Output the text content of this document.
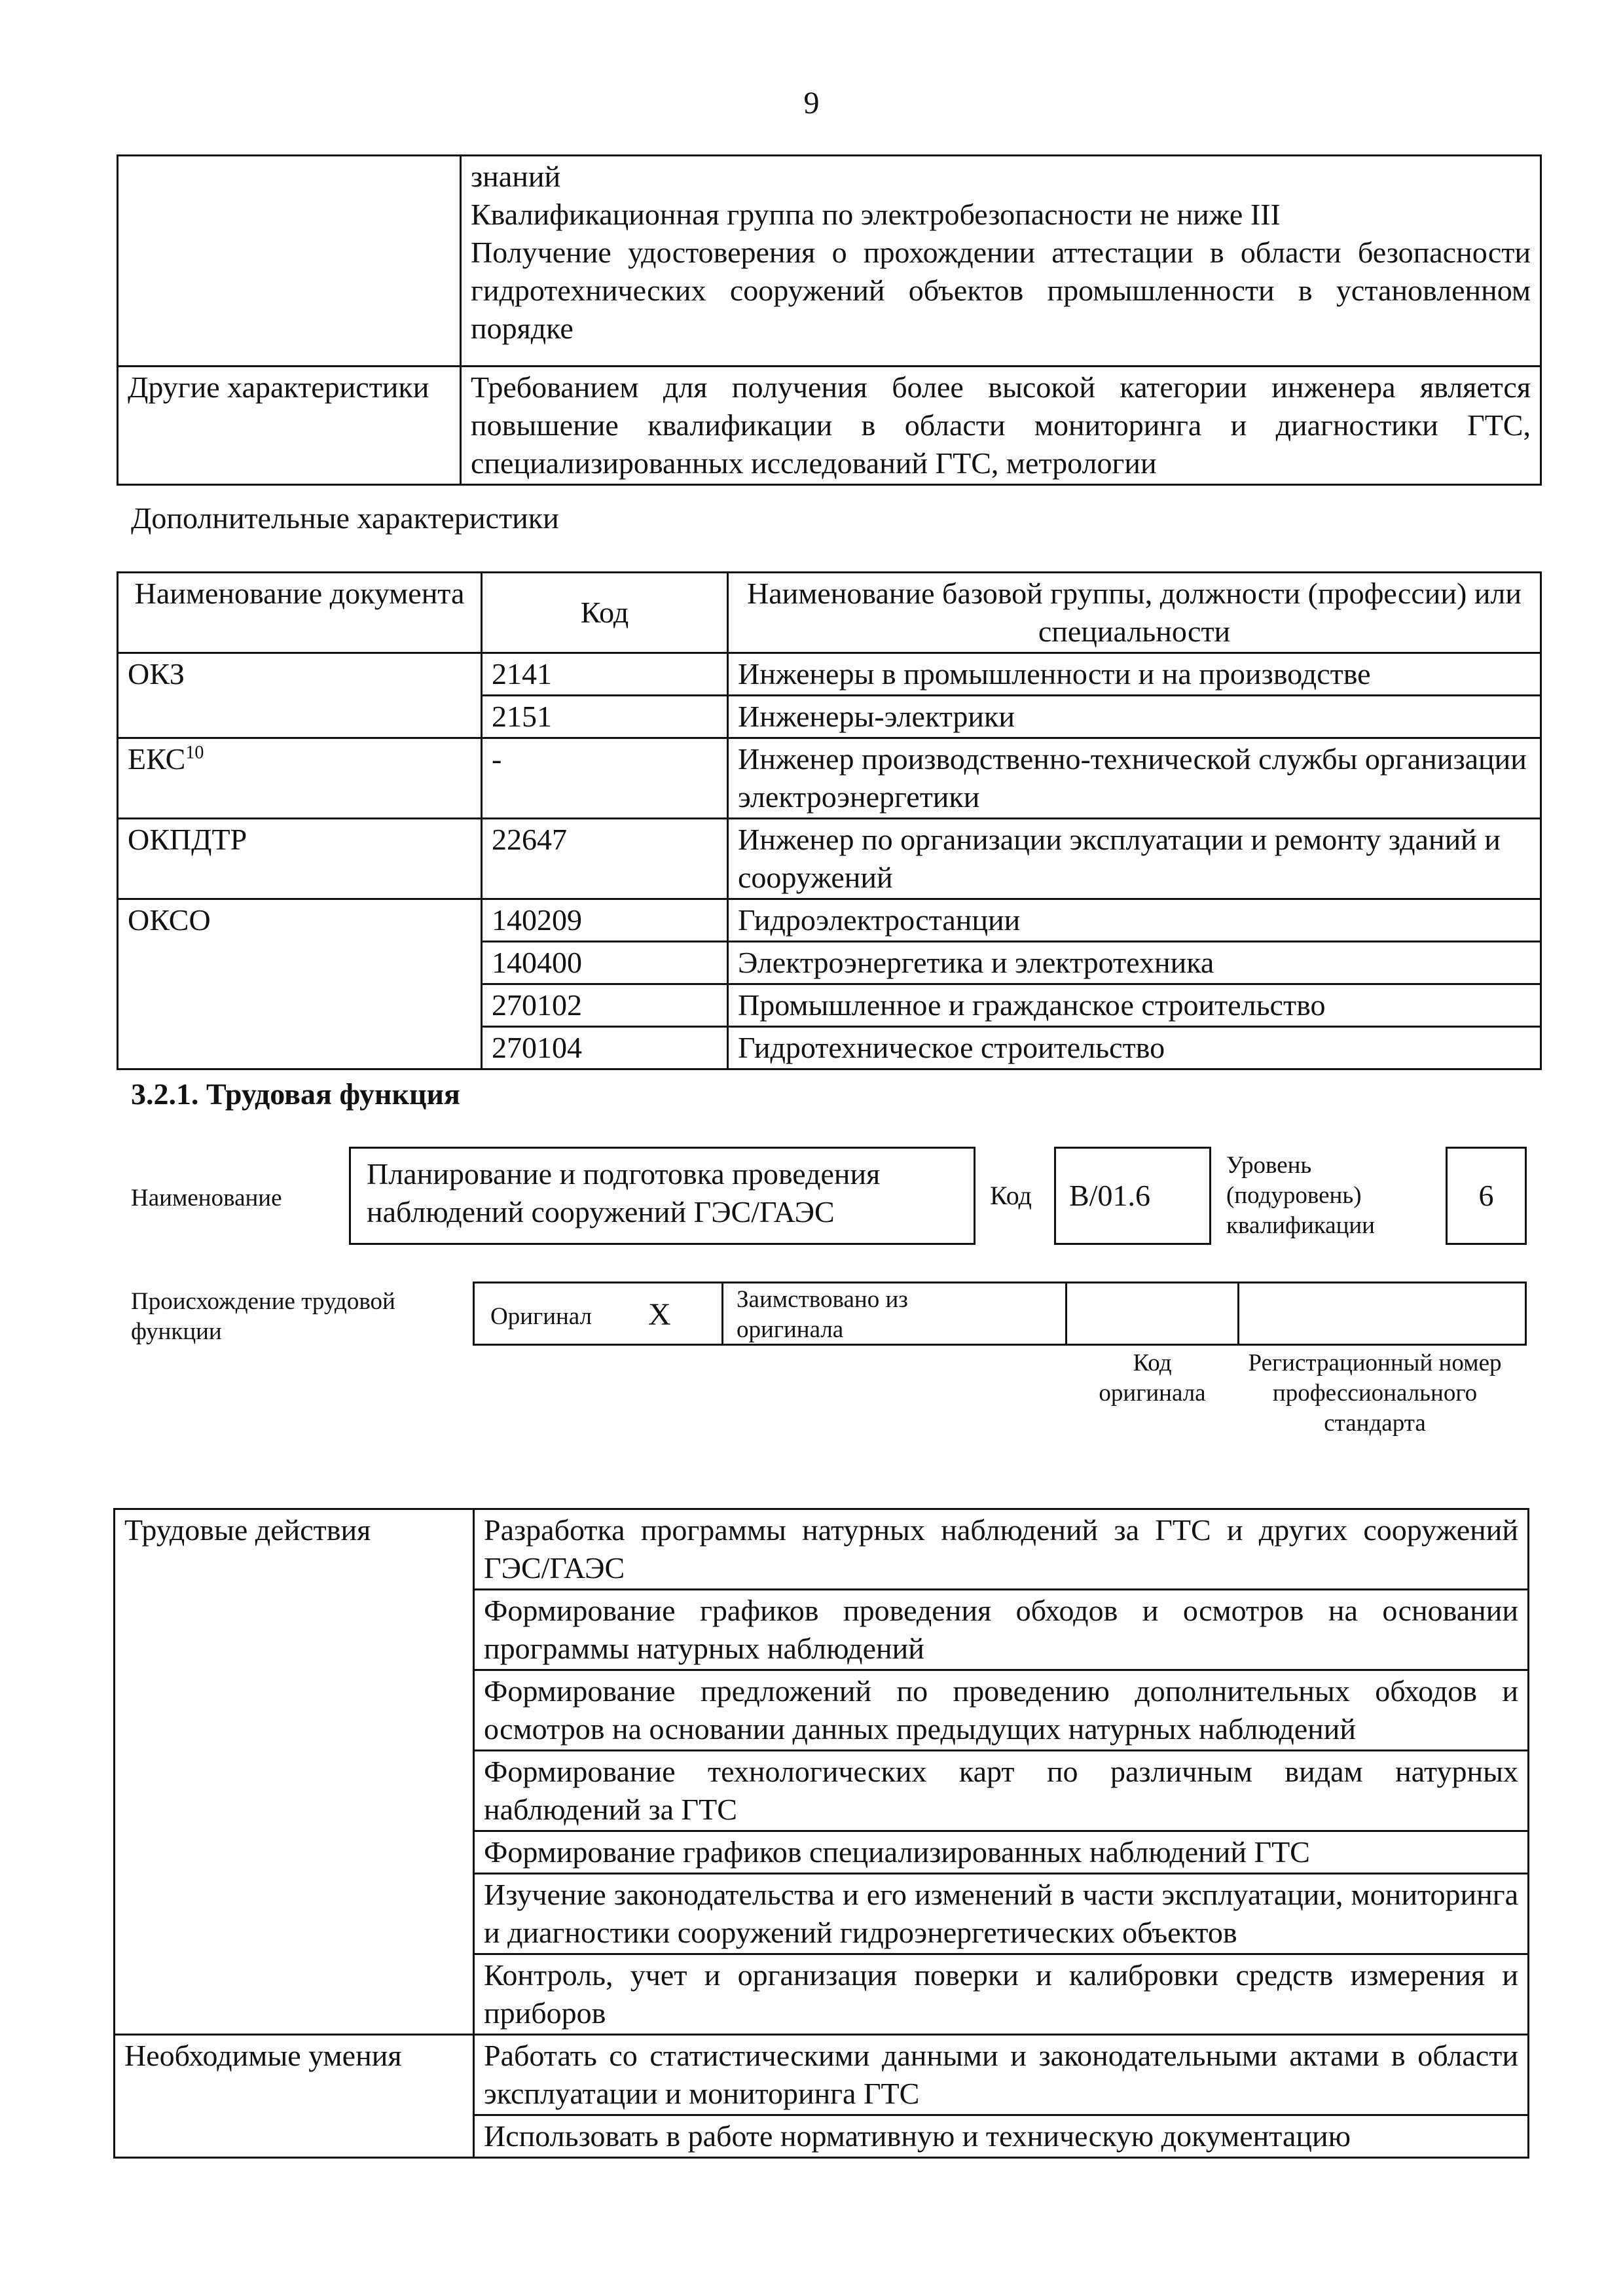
9

	знаний
Квалификационная группа по электробезопасности не ниже III
Получение удостоверения о прохождении аттестации в области безопасности гидротехнических сооружений объектов промышленности в установленном порядке

Другие характеристики	Требованием для получения более высокой категории инженера является повышение квалификации в области мониторинга и диагностики ГТС, специализированных исследований ГТС, метрологии
Дополнительные характеристики
Наименование документа	Код	Наименование базовой группы, должности (профессии) или специальности
ОКЗ	2141	Инженеры в промышленности и на производстве
	2151	Инженеры-электрики
ЕКС$^{10}$	-	Инженер производственно-технической службы организации электроэнергетики
ОКПДТР	22647	Инженер по организации эксплуатации и ремонту зданий и сооружений
ОКСО	140209	Гидроэлектростанции
	140400	Электроэнергетика и электротехника
	270102	Промышленное и гражданское строительство
	270104	Гидротехническое строительство
3.2.1. Трудовая функция
Наименование
Планирование и подготовка проведения наблюдений сооружений ГЭС/ГАЭС	Код B/01.6
Уровень (подуровень) квалификации
6
Происхождение трудовой функции
Оригинал X	Заимствовано из оригинала
Код оригинала
Регистрационный номер профессионального стандарта
Трудовые действия	Разработка программы натурных наблюдений за ГТС и других сооружений ГЭС/ГАЭС
	Формирование графиков проведения обходов и осмотров на основании программы натурных наблюдений
	Формирование предложений по проведению дополнительных обходов и осмотров на основании данных предыдущих натурных наблюдений
	Формирование технологических карт по различным видам натурных наблюдений за ГТС
	Формирование графиков специализированных наблюдений ГТС
	Изучение законодательства и его изменений в части эксплуатации, мониторинга и диагностики сооружений гидроэнергетических объектов
	Контроль, учет и организация поверки и калибровки средств измерения и приборов
Необходимые умения	Работать со статистическими данными и законодательными актами в области эксплуатации и мониторинга ГТС
	Использовать в работе нормативную и техническую документацию
